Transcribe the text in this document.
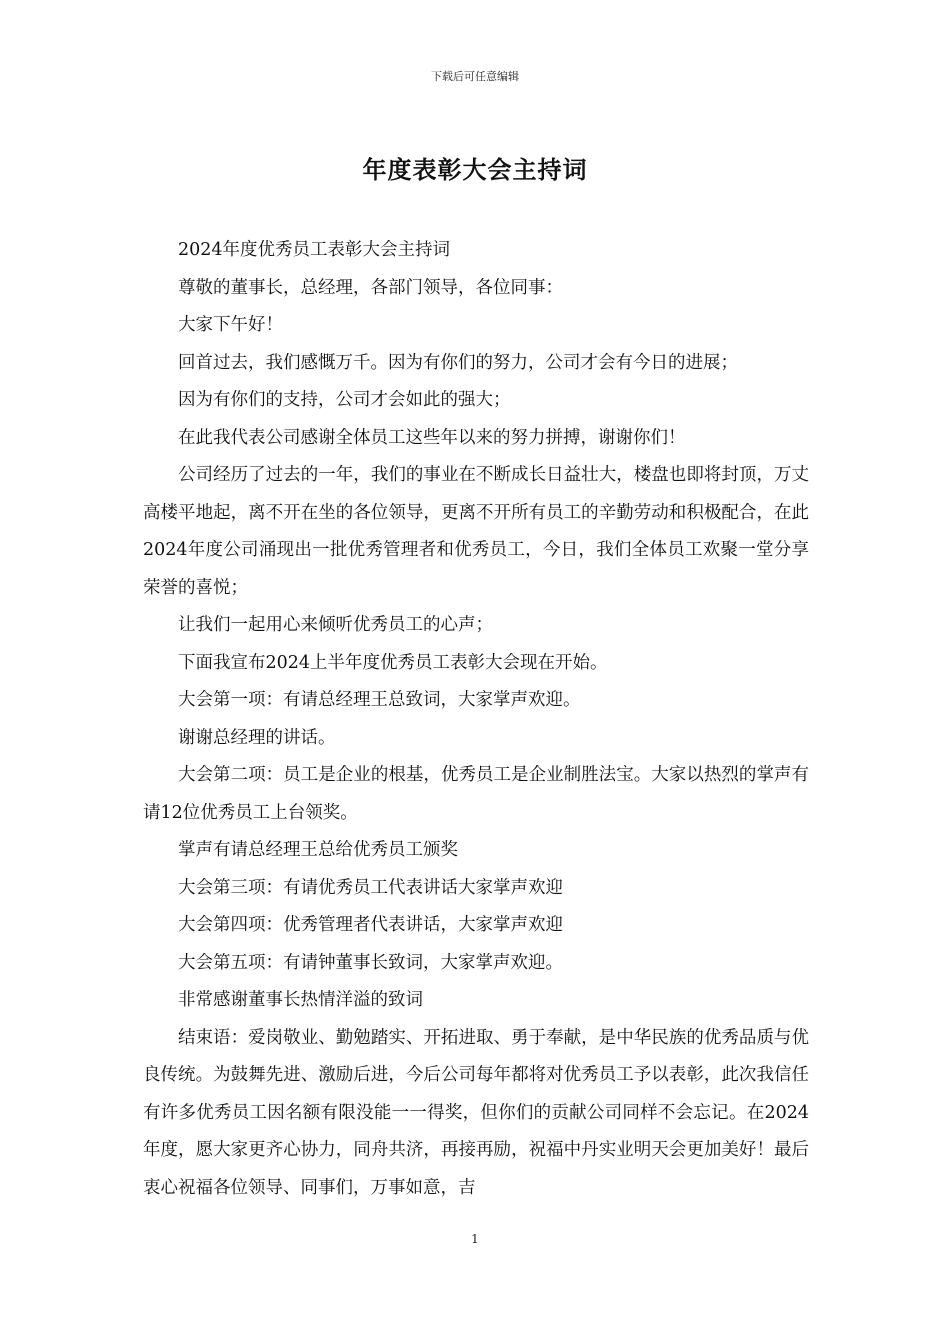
下载后可任意编辑
年度表彰大会主持词

2024年度优秀员工表彰大会主持词

尊敬的董事长，总经理，各部门领导，各位同事：

大家下午好！

回首过去，我们感慨万千。因为有你们的努力，公司才会有今日的进展；

因为有你们的支持，公司才会如此的强大；

在此我代表公司感谢全体员工这些年以来的努力拼搏，谢谢你们！

公司经历了过去的一年，我们的事业在不断成长日益壮大，楼盘也即将封顶，万丈高楼平地起，离不开在坐的各位领导，更离不开所有员工的辛勤劳动和积极配合，在此2024年度公司涌现出一批优秀管理者和优秀员工，今日，我们全体员工欢聚一堂分享荣誉的喜悦；

让我们一起用心来倾听优秀员工的心声；

下面我宣布2024上半年度优秀员工表彰大会现在开始。

大会第一项：有请总经理王总致词，大家掌声欢迎。

谢谢总经理的讲话。

大会第二项：员工是企业的根基，优秀员工是企业制胜法宝。大家以热烈的掌声有请12位优秀员工上台领奖。

掌声有请总经理王总给优秀员工颁奖

大会第三项：有请优秀员工代表讲话大家掌声欢迎

大会第四项：优秀管理者代表讲话，大家掌声欢迎

大会第五项：有请钟董事长致词，大家掌声欢迎。

非常感谢董事长热情洋溢的致词

结束语：爱岗敬业、勤勉踏实、开拓进取、勇于奉献，是中华民族的优秀品质与优良传统。为鼓舞先进、激励后进，今后公司每年都将对优秀员工予以表彰，此次我信任有许多优秀员工因名额有限没能一一得奖，但你们的贡献公司同样不会忘记。在2024年度，愿大家更齐心协力，同舟共济，再接再励，祝福中丹实业明天会更加美好！最后衷心祝福各位领导、同事们，万事如意，吉

1
